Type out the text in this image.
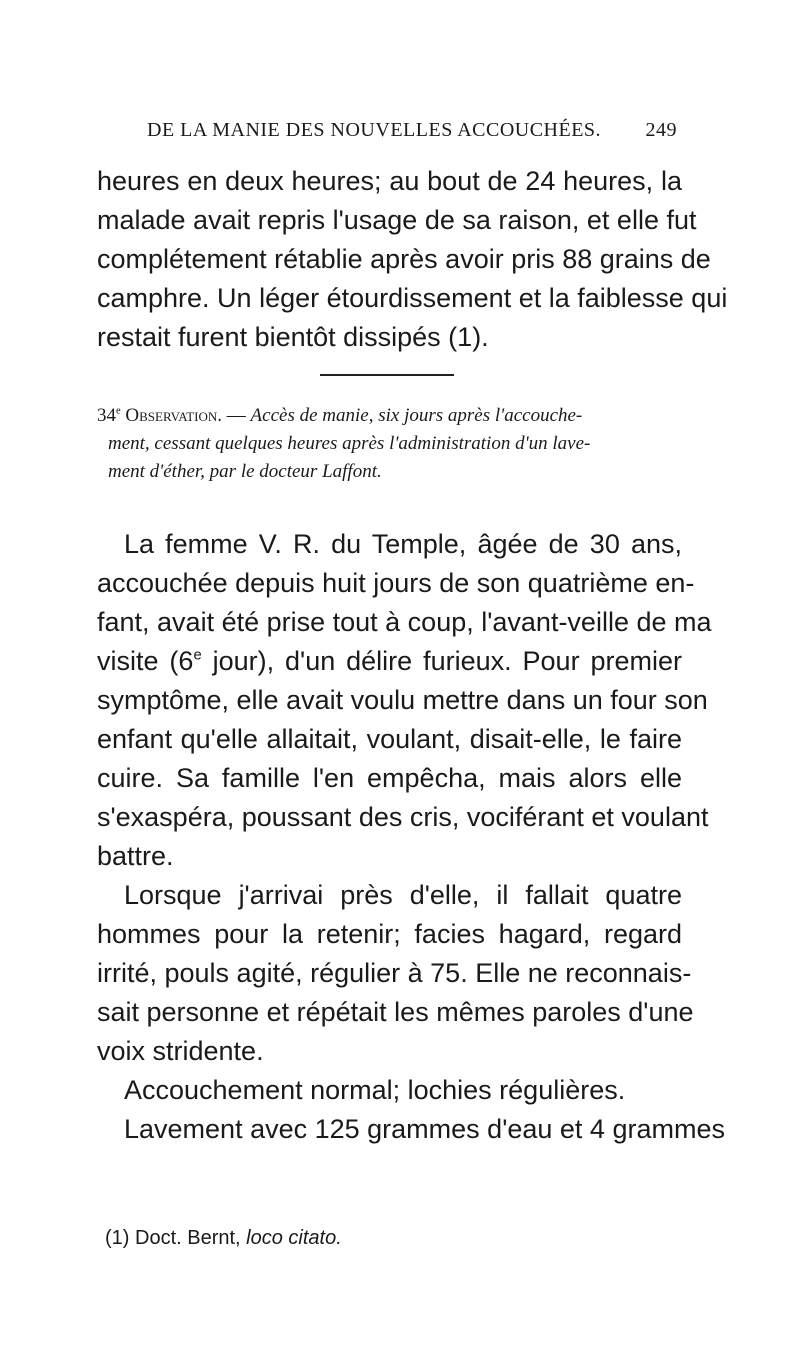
DE LA MANIE DES NOUVELLES ACCOUCHÉES. 249
heures en deux heures; au bout de 24 heures, la
malade avait repris l'usage de sa raison, et elle fut
complétement rétablie après avoir pris 88 grains de
camphre. Un léger étourdissement et la faiblesse qui
restait furent bientôt dissipés (1).
34e Observation. — Accès de manie, six jours après l'accouche-
ment, cessant quelques heures après l'administration d'un lave-
ment d'éther, par le docteur Laffont.
La femme V. R. du Temple, âgée de 30 ans,
accouchée depuis huit jours de son quatrième en-
fant, avait été prise tout à coup, l'avant-veille de ma
visite (6e jour), d'un délire furieux. Pour premier
symptôme, elle avait voulu mettre dans un four son
enfant qu'elle allaitait, voulant, disait-elle, le faire
cuire. Sa famille l'en empêcha, mais alors elle
s'exaspéra, poussant des cris, vociférant et voulant
battre.
Lorsque j'arrivai près d'elle, il fallait quatre
hommes pour la retenir; facies hagard, regard
irrité, pouls agité, régulier à 75. Elle ne reconnais-
sait personne et répétait les mêmes paroles d'une
voix stridente.
Accouchement normal; lochies régulières.
Lavement avec 125 grammes d'eau et 4 grammes
(1) Doct. Bernt, loco citato.
